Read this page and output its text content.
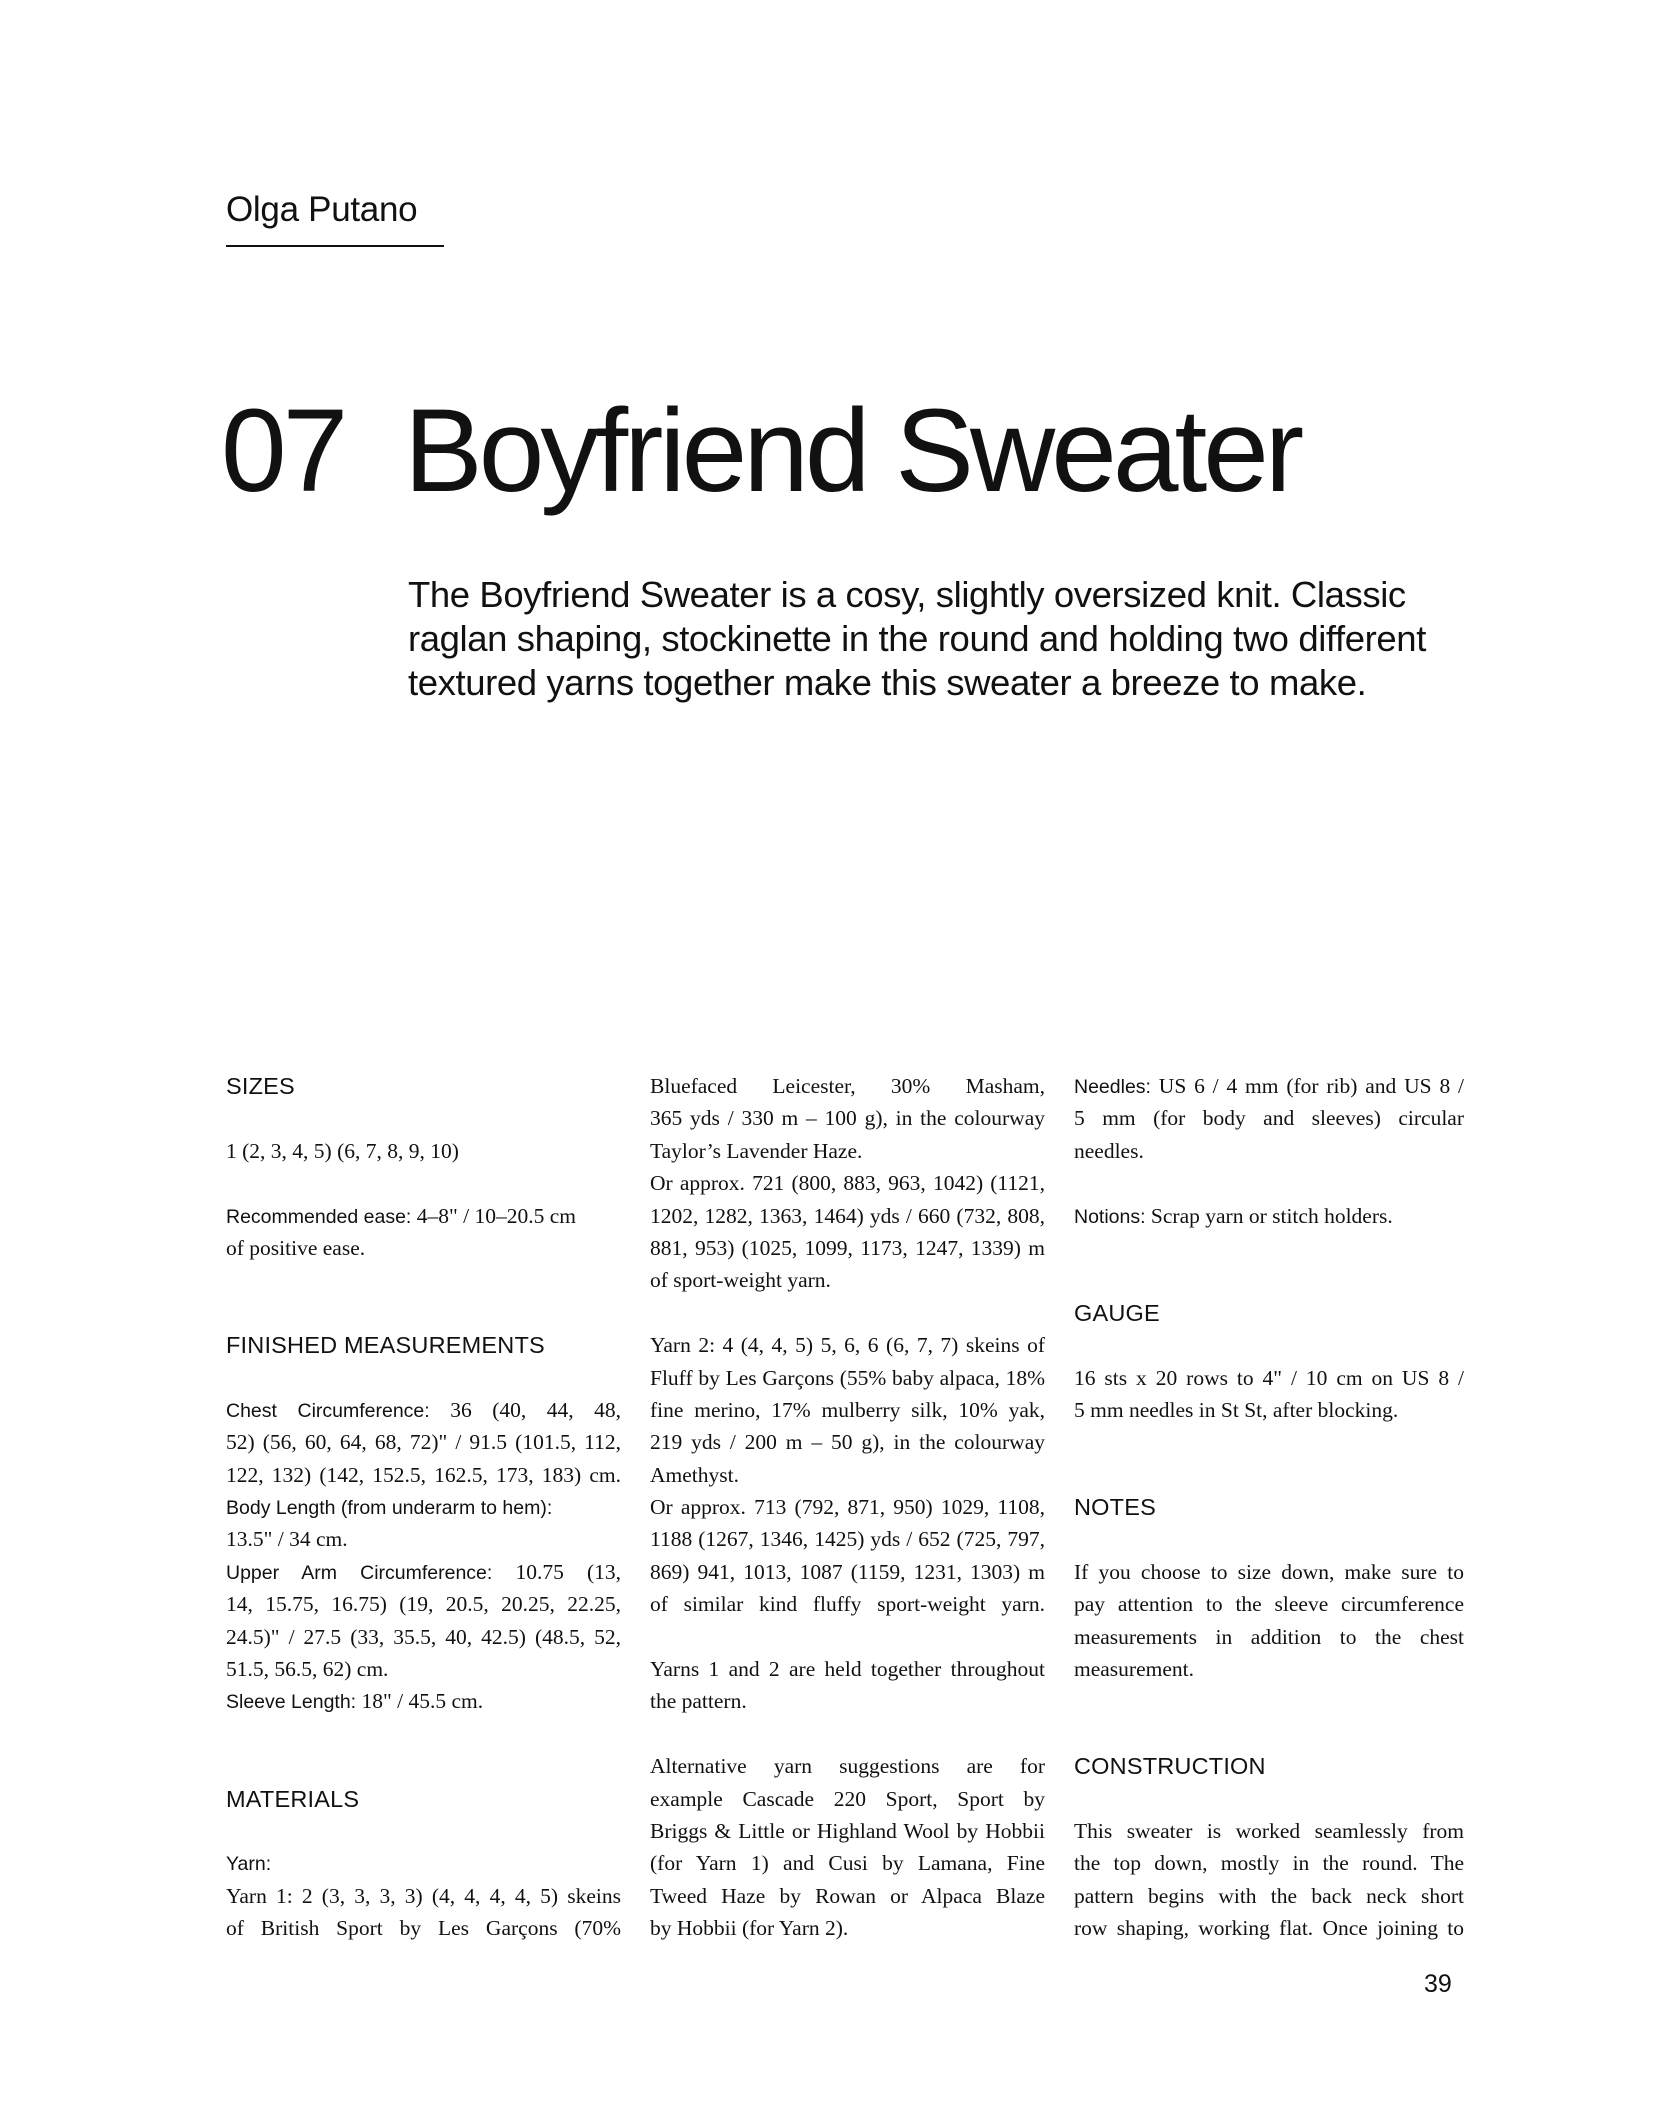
Olga Putano
07 Boyfriend Sweater
The Boyfriend Sweater is a cosy, slightly oversized knit. Classic
raglan shaping, stockinette in the round and holding two different
textured yarns together make this sweater a breeze to make.
SIZES
1 (2, 3, 4, 5) (6, 7, 8, 9, 10)
Recommended ease: 4–8" / 10–20.5 cm
of positive ease.
FINISHED MEASUREMENTS
Chest Circumference: 36 (40, 44, 48,
52) (56, 60, 64, 68, 72)" / 91.5 (101.5, 112,
122, 132) (142, 152.5, 162.5, 173, 183) cm.
Body Length (from underarm to hem):
13.5" / 34 cm.
Upper Arm Circumference: 10.75 (13,
14, 15.75, 16.75) (19, 20.5, 20.25, 22.25,
24.5)" / 27.5 (33, 35.5, 40, 42.5) (48.5, 52,
51.5, 56.5, 62) cm.
Sleeve Length: 18" / 45.5 cm.
MATERIALS
Yarn:
Yarn 1: 2 (3, 3, 3, 3) (4, 4, 4, 4, 5) skeins
of British Sport by Les Garçons (70%
Bluefaced Leicester, 30% Masham,
365 yds / 330 m – 100 g), in the colourway
Taylor’s Lavender Haze.
Or approx. 721 (800, 883, 963, 1042) (1121,
1202, 1282, 1363, 1464) yds / 660 (732, 808,
881, 953) (1025, 1099, 1173, 1247, 1339) m
of sport-weight yarn.
Yarn 2: 4 (4, 4, 5) 5, 6, 6 (6, 7, 7) skeins of
Fluff by Les Garçons (55% baby alpaca, 18%
fine merino, 17% mulberry silk, 10% yak,
219 yds / 200 m – 50 g), in the colourway
Amethyst.
Or approx. 713 (792, 871, 950) 1029, 1108,
1188 (1267, 1346, 1425) yds / 652 (725, 797,
869) 941, 1013, 1087 (1159, 1231, 1303) m
of similar kind fluffy sport-weight yarn.
Yarns 1 and 2 are held together throughout
the pattern.
Alternative yarn suggestions are for
example Cascade 220 Sport, Sport by
Briggs & Little or Highland Wool by Hobbii
(for Yarn 1) and Cusi by Lamana, Fine
Tweed Haze by Rowan or Alpaca Blaze
by Hobbii (for Yarn 2).
Needles: US 6 / 4 mm (for rib) and US 8 /
5 mm (for body and sleeves) circular
needles.
Notions: Scrap yarn or stitch holders.
GAUGE
16 sts x 20 rows to 4" / 10 cm on US 8 /
5 mm needles in St St, after blocking.
NOTES
If you choose to size down, make sure to
pay attention to the sleeve circumference
measurements in addition to the chest
measurement.
CONSTRUCTION
This sweater is worked seamlessly from
the top down, mostly in the round. The
pattern begins with the back neck short
row shaping, working flat. Once joining to
39
